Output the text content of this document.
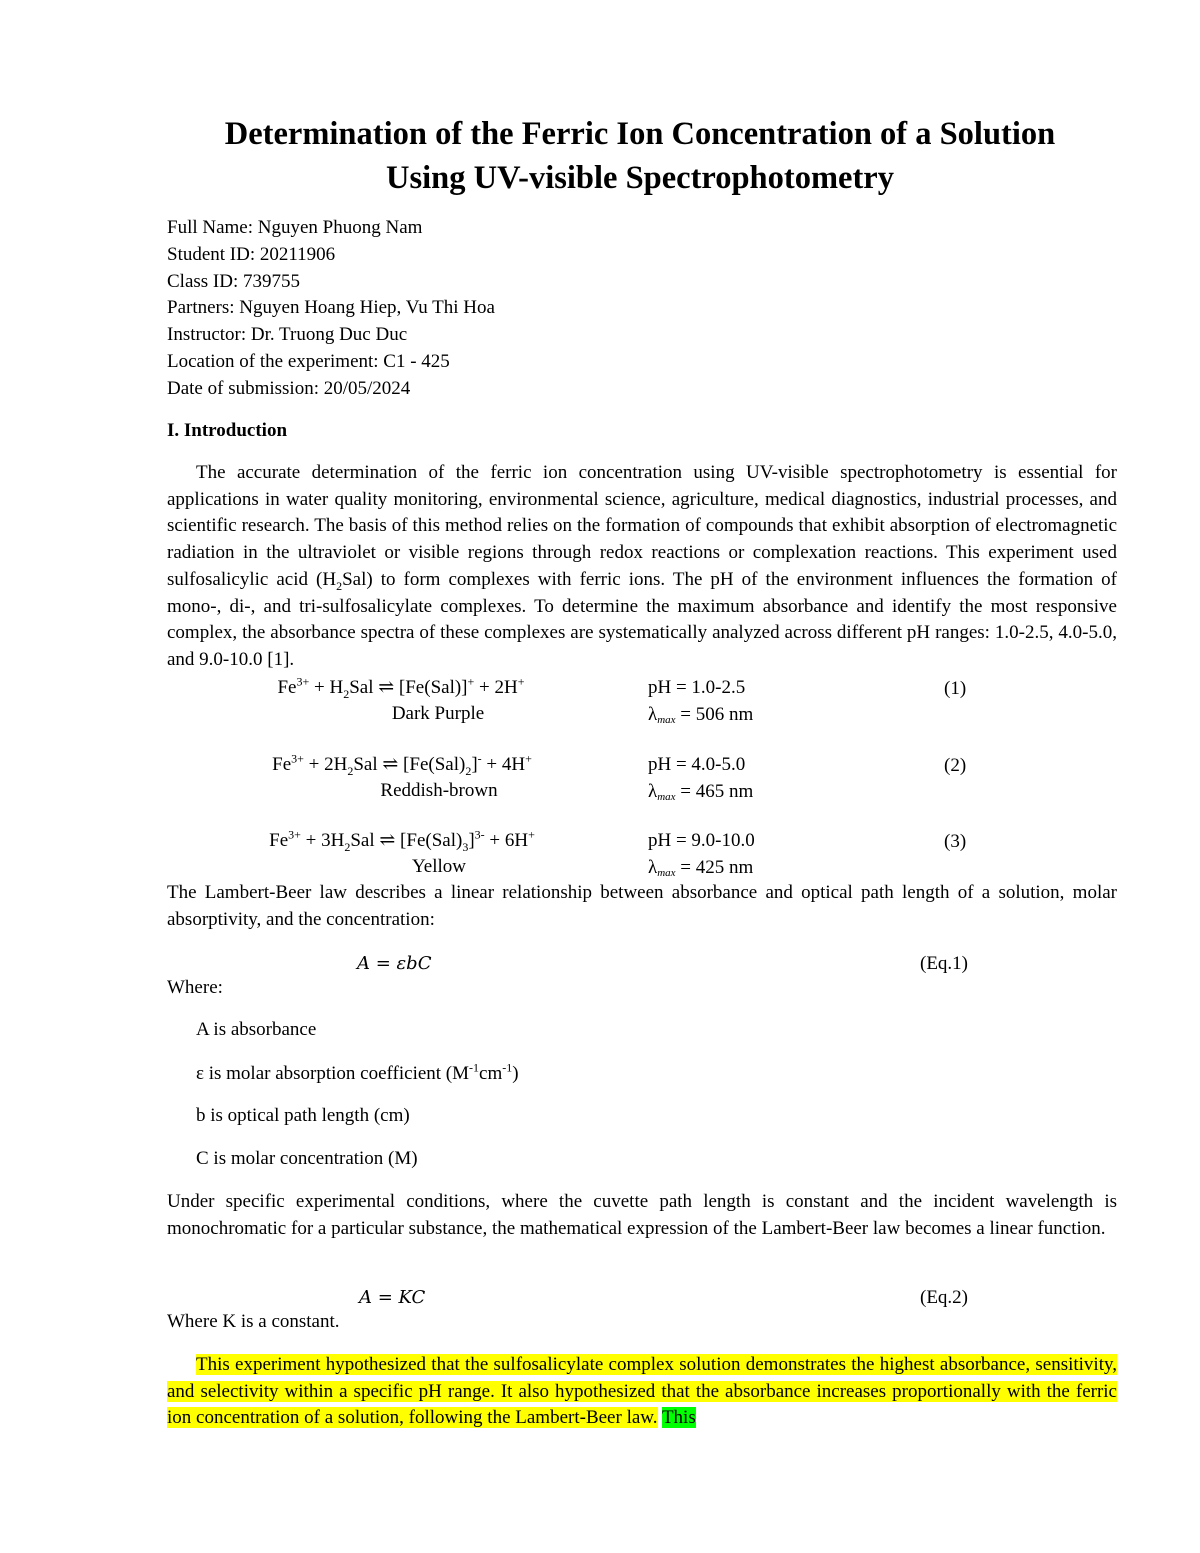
Determination of the Ferric Ion Concentration of a Solution
Using UV-visible Spectrophotometry
Full Name: Nguyen Phuong Nam
Student ID: 20211906
Class ID: 739755
Partners: Nguyen Hoang Hiep, Vu Thi Hoa
Instructor: Dr. Truong Duc Duc
Location of the experiment: C1 - 425
Date of submission: 20/05/2024
I. Introduction
The accurate determination of the ferric ion concentration using UV-visible spectrophotometry is essential for applications in water quality monitoring, environmental science, agriculture, medical diagnostics, industrial processes, and scientific research. The basis of this method relies on the formation of compounds that exhibit absorption of electromagnetic radiation in the ultraviolet or visible regions through redox reactions or complexation reactions. This experiment used sulfosalicylic acid $(H_2Sal)$ to form complexes with ferric ions. The pH of the environment influences the formation of mono-, di-, and tri-sulfosalicylate complexes. To determine the maximum absorbance and identify the most responsive complex, the absorbance spectra of these complexes are systematically analyzed across different pH ranges: 1.0-2.5, 4.0-5.0, and 9.0-10.0 [1].
$Fe^{3+} + H_2Sal$ ⇌ [Fe(Sal)]+ + 2H+
Dark Purple
pH = 1.0-2.5
λmax = 506 nm
(1)
$Fe^{3+} + 2H_2Sal$ ⇌ $[Fe(Sal)_2]^- + 4H^+$
Reddish-brown
pH = 4.0-5.0
λmax = 465 nm
(2)
$Fe^{3+} + 3H_2Sal$ ⇌ $[Fe(Sal)_3]^{3-} + 6H^+$
Yellow
pH = 9.0-10.0
λmax = 425 nm
(3)
The Lambert-Beer law describes a linear relationship between absorbance and optical path length of a solution, molar absorptivity, and the concentration:
A = εbC	(Eq.1)
Where:
A is absorbance
ε is molar absorption coefficient $(M^{-1}cm^{-1})$
b is optical path length (cm)
C is molar concentration (M)
Under specific experimental conditions, where the cuvette path length is constant and the incident wavelength is monochromatic for a particular substance, the mathematical expression of the Lambert-Beer law becomes a linear function.
A = KC	(Eq.2)
Where K is a constant.
This experiment hypothesized that the sulfosalicylate complex solution demonstrates the highest absorbance, sensitivity, and selectivity within a specific pH range. It also hypothesized that the absorbance increases proportionally with the ferric ion concentration of a solution, following the Lambert-Beer law. This
